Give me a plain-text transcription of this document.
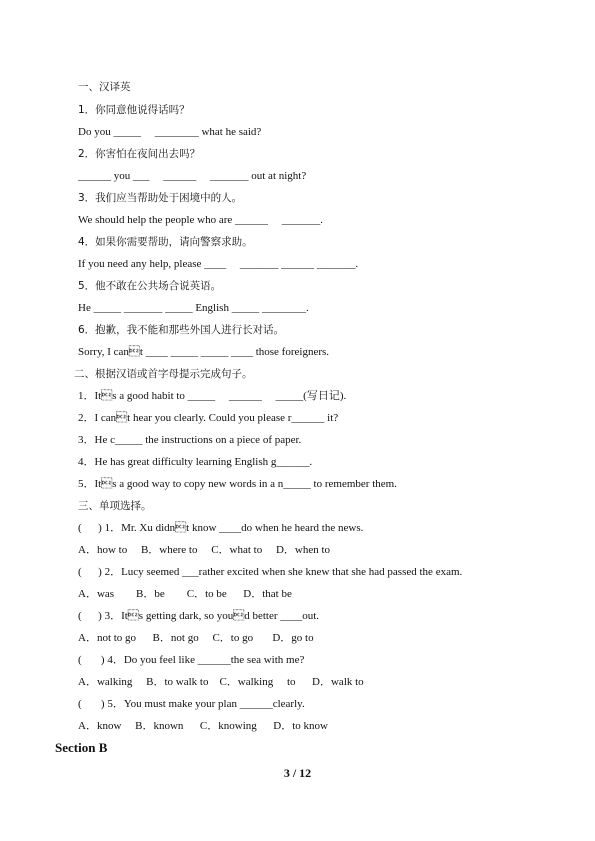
一、汉译英
1．你同意他说得话吗？
Do you _____     ________ what he said?
2．你害怕在夜间出去吗？
______ you ___     ______     _______ out at night?
3．我们应当帮助处于困境中的人。
We should help the people who are ______     _______.
4．如果你需要帮助，请向警察求助。
If you need any help, please ____     _______ ______ _______.
5．他不敢在公共场合说英语。
He _____ _______ _____ English _____ ________.
6．抱歉，我不能和那些外国人进行长对话。
Sorry, I cant ____ _____ _____ ____ those foreigners.
二、根据汉语或首字母提示完成句子。
1．Its a good habit to _____     ______     _____(写日记).
2．I cant hear you clearly. Could you please r______ it?
3．He c_____ the instructions on a piece of paper.
4．He has great difficulty learning English g______.
5．Its a good way to copy new words in a n_____ to remember them.
三、单项选择。
(      ) 1．Mr. Xu didnt know ____do when he heard the news.
A．how to     B．where to     C．what to     D．when to
(      ) 2．Lucy seemed ___rather excited when she knew that she had passed the exam.
A．was        B．be        C．to be      D．that be
(      ) 3．Its getting dark, so youd better ____out.
A．not to go      B．not go     C．to go       D．go to
(       ) 4．Do you feel like ______the sea with me?
A．walking     B．to walk to    C．walking     to      D．walk to
(       ) 5．You must make your plan ______clearly.
A．know     B．known      C．knowing      D．to know
Section B
3 / 12
